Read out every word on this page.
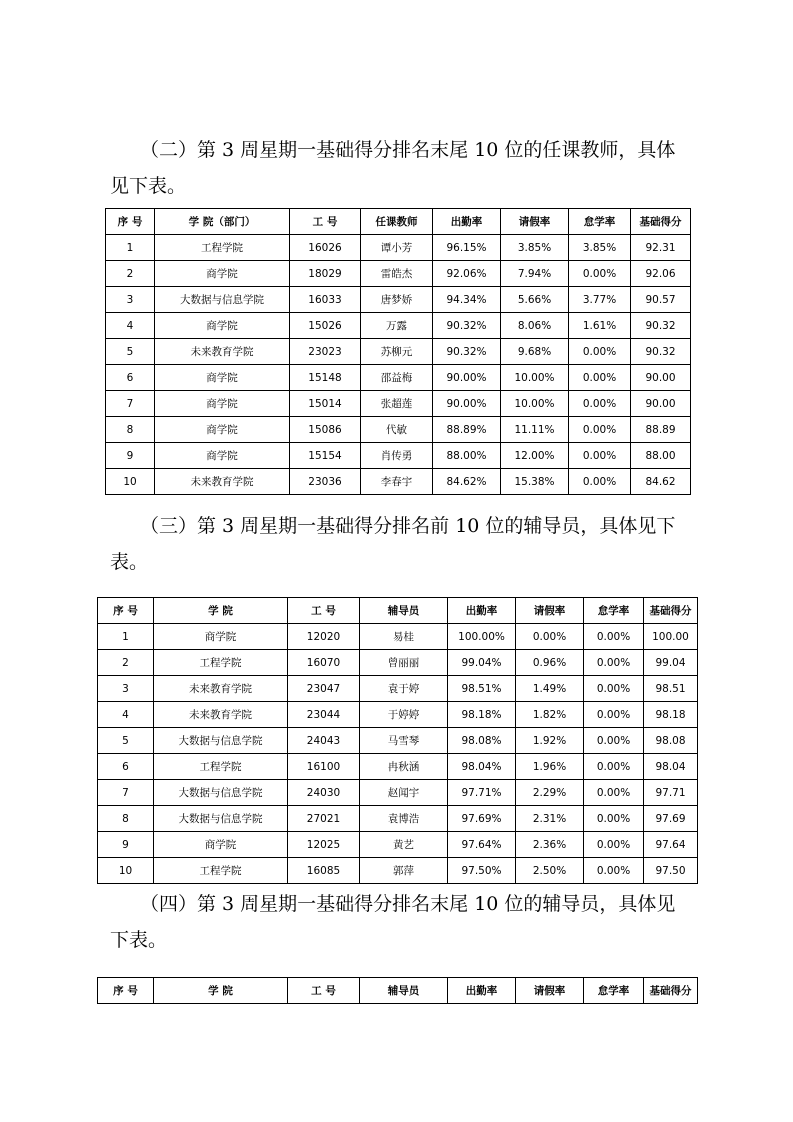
（二）第 3 周星期一基础得分排名末尾 10 位的任课教师，具体见下表。

序 号	学 院（部门）	工 号	任课教师	出勤率	请假率	怠学率	基础得分
1	工程学院	16026	谭小芳	96.15%	3.85%	3.85%	92.31
2	商学院	18029	雷皓杰	92.06%	7.94%	0.00%	92.06
3	大数据与信息学院	16033	唐梦娇	94.34%	5.66%	3.77%	90.57
4	商学院	15026	万露	90.32%	8.06%	1.61%	90.32
5	未来教育学院	23023	苏柳元	90.32%	9.68%	0.00%	90.32
6	商学院	15148	邵益梅	90.00%	10.00%	0.00%	90.00
7	商学院	15014	张超莲	90.00%	10.00%	0.00%	90.00
8	商学院	15086	代敏	88.89%	11.11%	0.00%	88.89
9	商学院	15154	肖传勇	88.00%	12.00%	0.00%	88.00
10	未来教育学院	23036	李春宇	84.62%	15.38%	0.00%	84.62

（三）第 3 周星期一基础得分排名前 10 位的辅导员，具体见下表。

序 号	学 院	工 号	辅导员	出勤率	请假率	怠学率	基础得分
1	商学院	12020	易桂	100.00%	0.00%	0.00%	100.00
2	工程学院	16070	曾丽丽	99.04%	0.96%	0.00%	99.04
3	未来教育学院	23047	袁于婷	98.51%	1.49%	0.00%	98.51
4	未来教育学院	23044	于婷婷	98.18%	1.82%	0.00%	98.18
5	大数据与信息学院	24043	马雪琴	98.08%	1.92%	0.00%	98.08
6	工程学院	16100	冉秋涵	98.04%	1.96%	0.00%	98.04
7	大数据与信息学院	24030	赵闻宇	97.71%	2.29%	0.00%	97.71
8	大数据与信息学院	27021	袁博浩	97.69%	2.31%	0.00%	97.69
9	商学院	12025	黄艺	97.64%	2.36%	0.00%	97.64
10	工程学院	16085	郭萍	97.50%	2.50%	0.00%	97.50

（四）第 3 周星期一基础得分排名末尾 10 位的辅导员，具体见下表。

序 号	学 院	工 号	辅导员	出勤率	请假率	怠学率	基础得分
